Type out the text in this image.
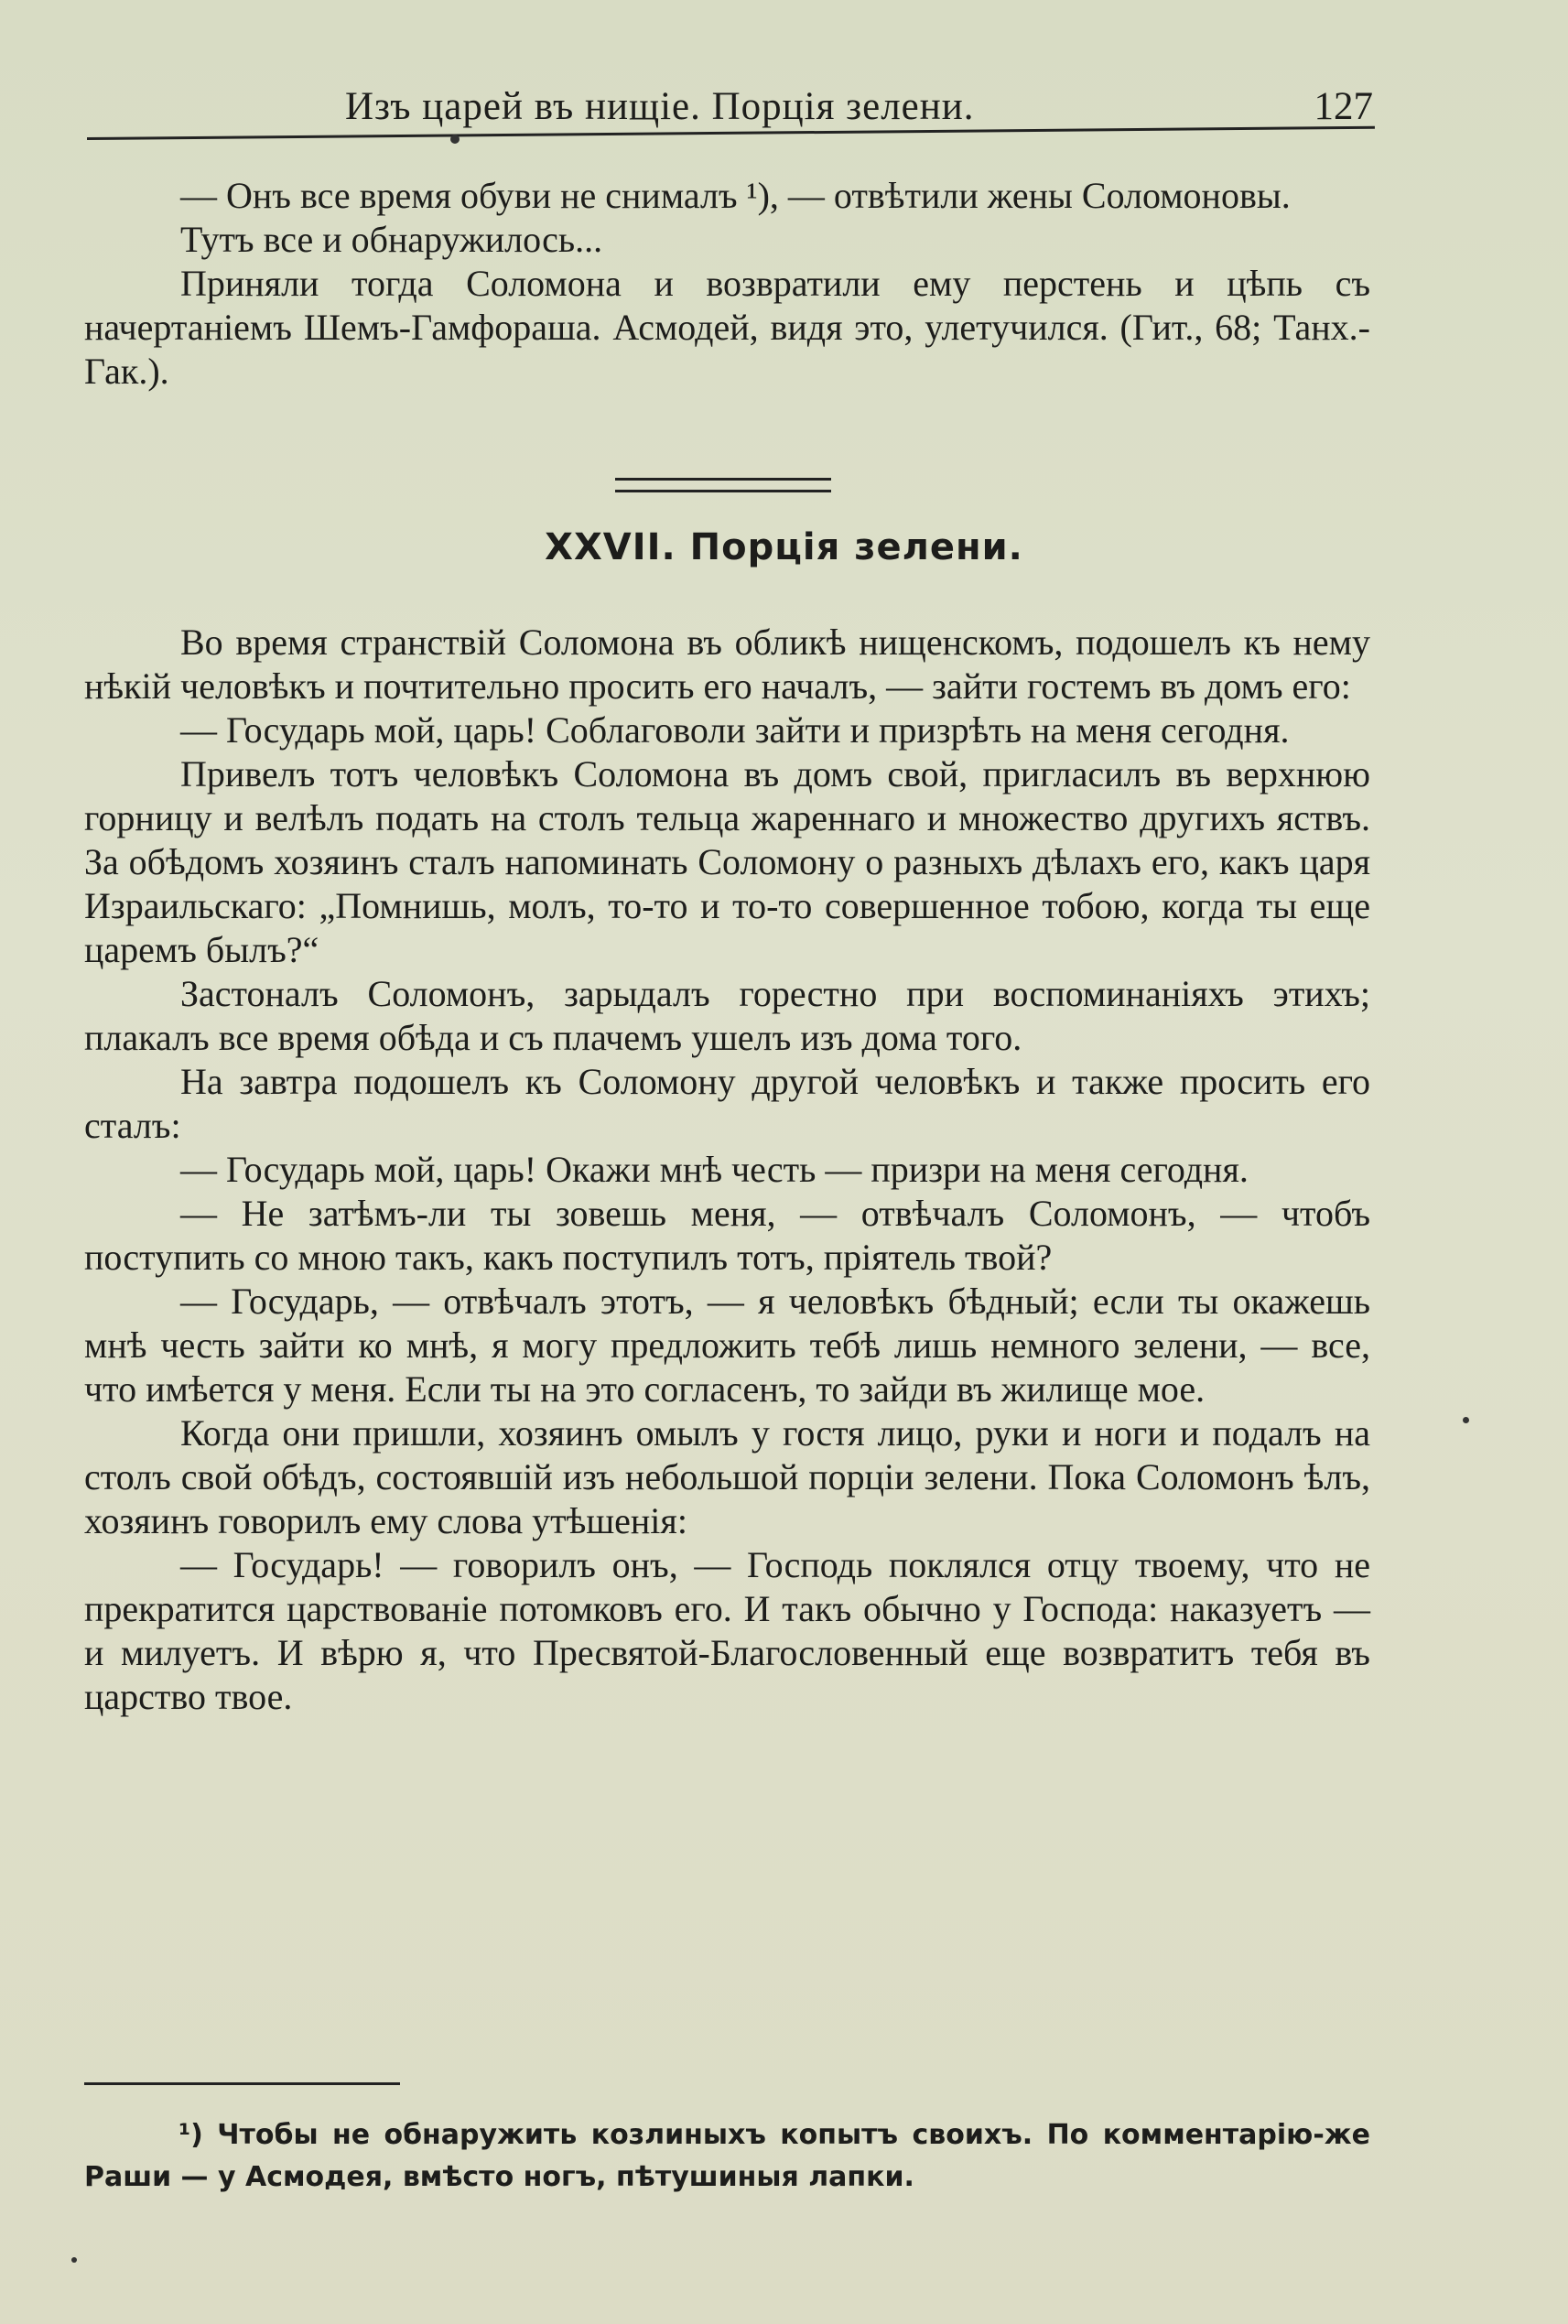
Изъ царей въ нищіе. Порція зелени.	127

— Онъ все время обуви не снималъ ¹), — отвѣтили жены Соломоновы.

Тутъ все и обнаружилось...

Приняли тогда Соломона и возвратили ему перстень и цѣпь съ начертаніемъ Шемъ-Гамфораша. Асмодей, видя это, улетучился. (Гит., 68; Танх.-Гак.).

XXVII. Порція зелени.

Во время странствій Соломона въ обликѣ нищенскомъ, подошелъ къ нему нѣкій человѣкъ и почтительно просить его началъ, — зайти гостемъ въ домъ его:

— Государь мой, царь! Соблаговоли зайти и призрѣть на меня сегодня.

Привелъ тотъ человѣкъ Соломона въ домъ свой, пригласилъ въ верхнюю горницу и велѣлъ подать на столъ тельца жареннаго и множество другихъ яствъ. За обѣдомъ хозяинъ сталъ напоминать Соломону о разныхъ дѣлахъ его, какъ царя Израильскаго: „Помнишь, молъ, то-то и то-то совершенное тобою, когда ты еще царемъ былъ?“

Застоналъ Соломонъ, зарыдалъ горестно при воспоминаніяхъ этихъ; плакалъ все время обѣда и съ плачемъ ушелъ изъ дома того.

На завтра подошелъ къ Соломону другой человѣкъ и также просить его сталъ:

— Государь мой, царь! Окажи мнѣ честь — призри на меня сегодня.

— Не затѣмъ-ли ты зовешь меня, — отвѣчалъ Соломонъ, — чтобъ поступить со мною такъ, какъ поступилъ тотъ, пріятель твой?

— Государь, — отвѣчалъ этотъ, — я человѣкъ бѣдный; если ты окажешь мнѣ честь зайти ко мнѣ, я могу предложить тебѣ лишь немного зелени, — все, что имѣется у меня. Если ты на это согласенъ, то зайди въ жилище мое.

Когда они пришли, хозяинъ омылъ у гостя лицо, руки и ноги и подалъ на столъ свой обѣдъ, состоявшій изъ небольшой порціи зелени. Пока Соломонъ ѣлъ, хозяинъ говорилъ ему слова утѣшенія:

— Государь! — говорилъ онъ, — Господь поклялся отцу твоему, что не прекратится царствованіе потомковъ его. И такъ обычно у Господа: наказуетъ — и милуетъ. И вѣрю я, что Пресвятой-Благословенный еще возвратитъ тебя въ царство твое.

¹) Чтобы не обнаружить козлиныхъ копытъ своихъ. По комментарію-же Раши — у Асмодея, вмѣсто ногъ, пѣтушиныя лапки.
